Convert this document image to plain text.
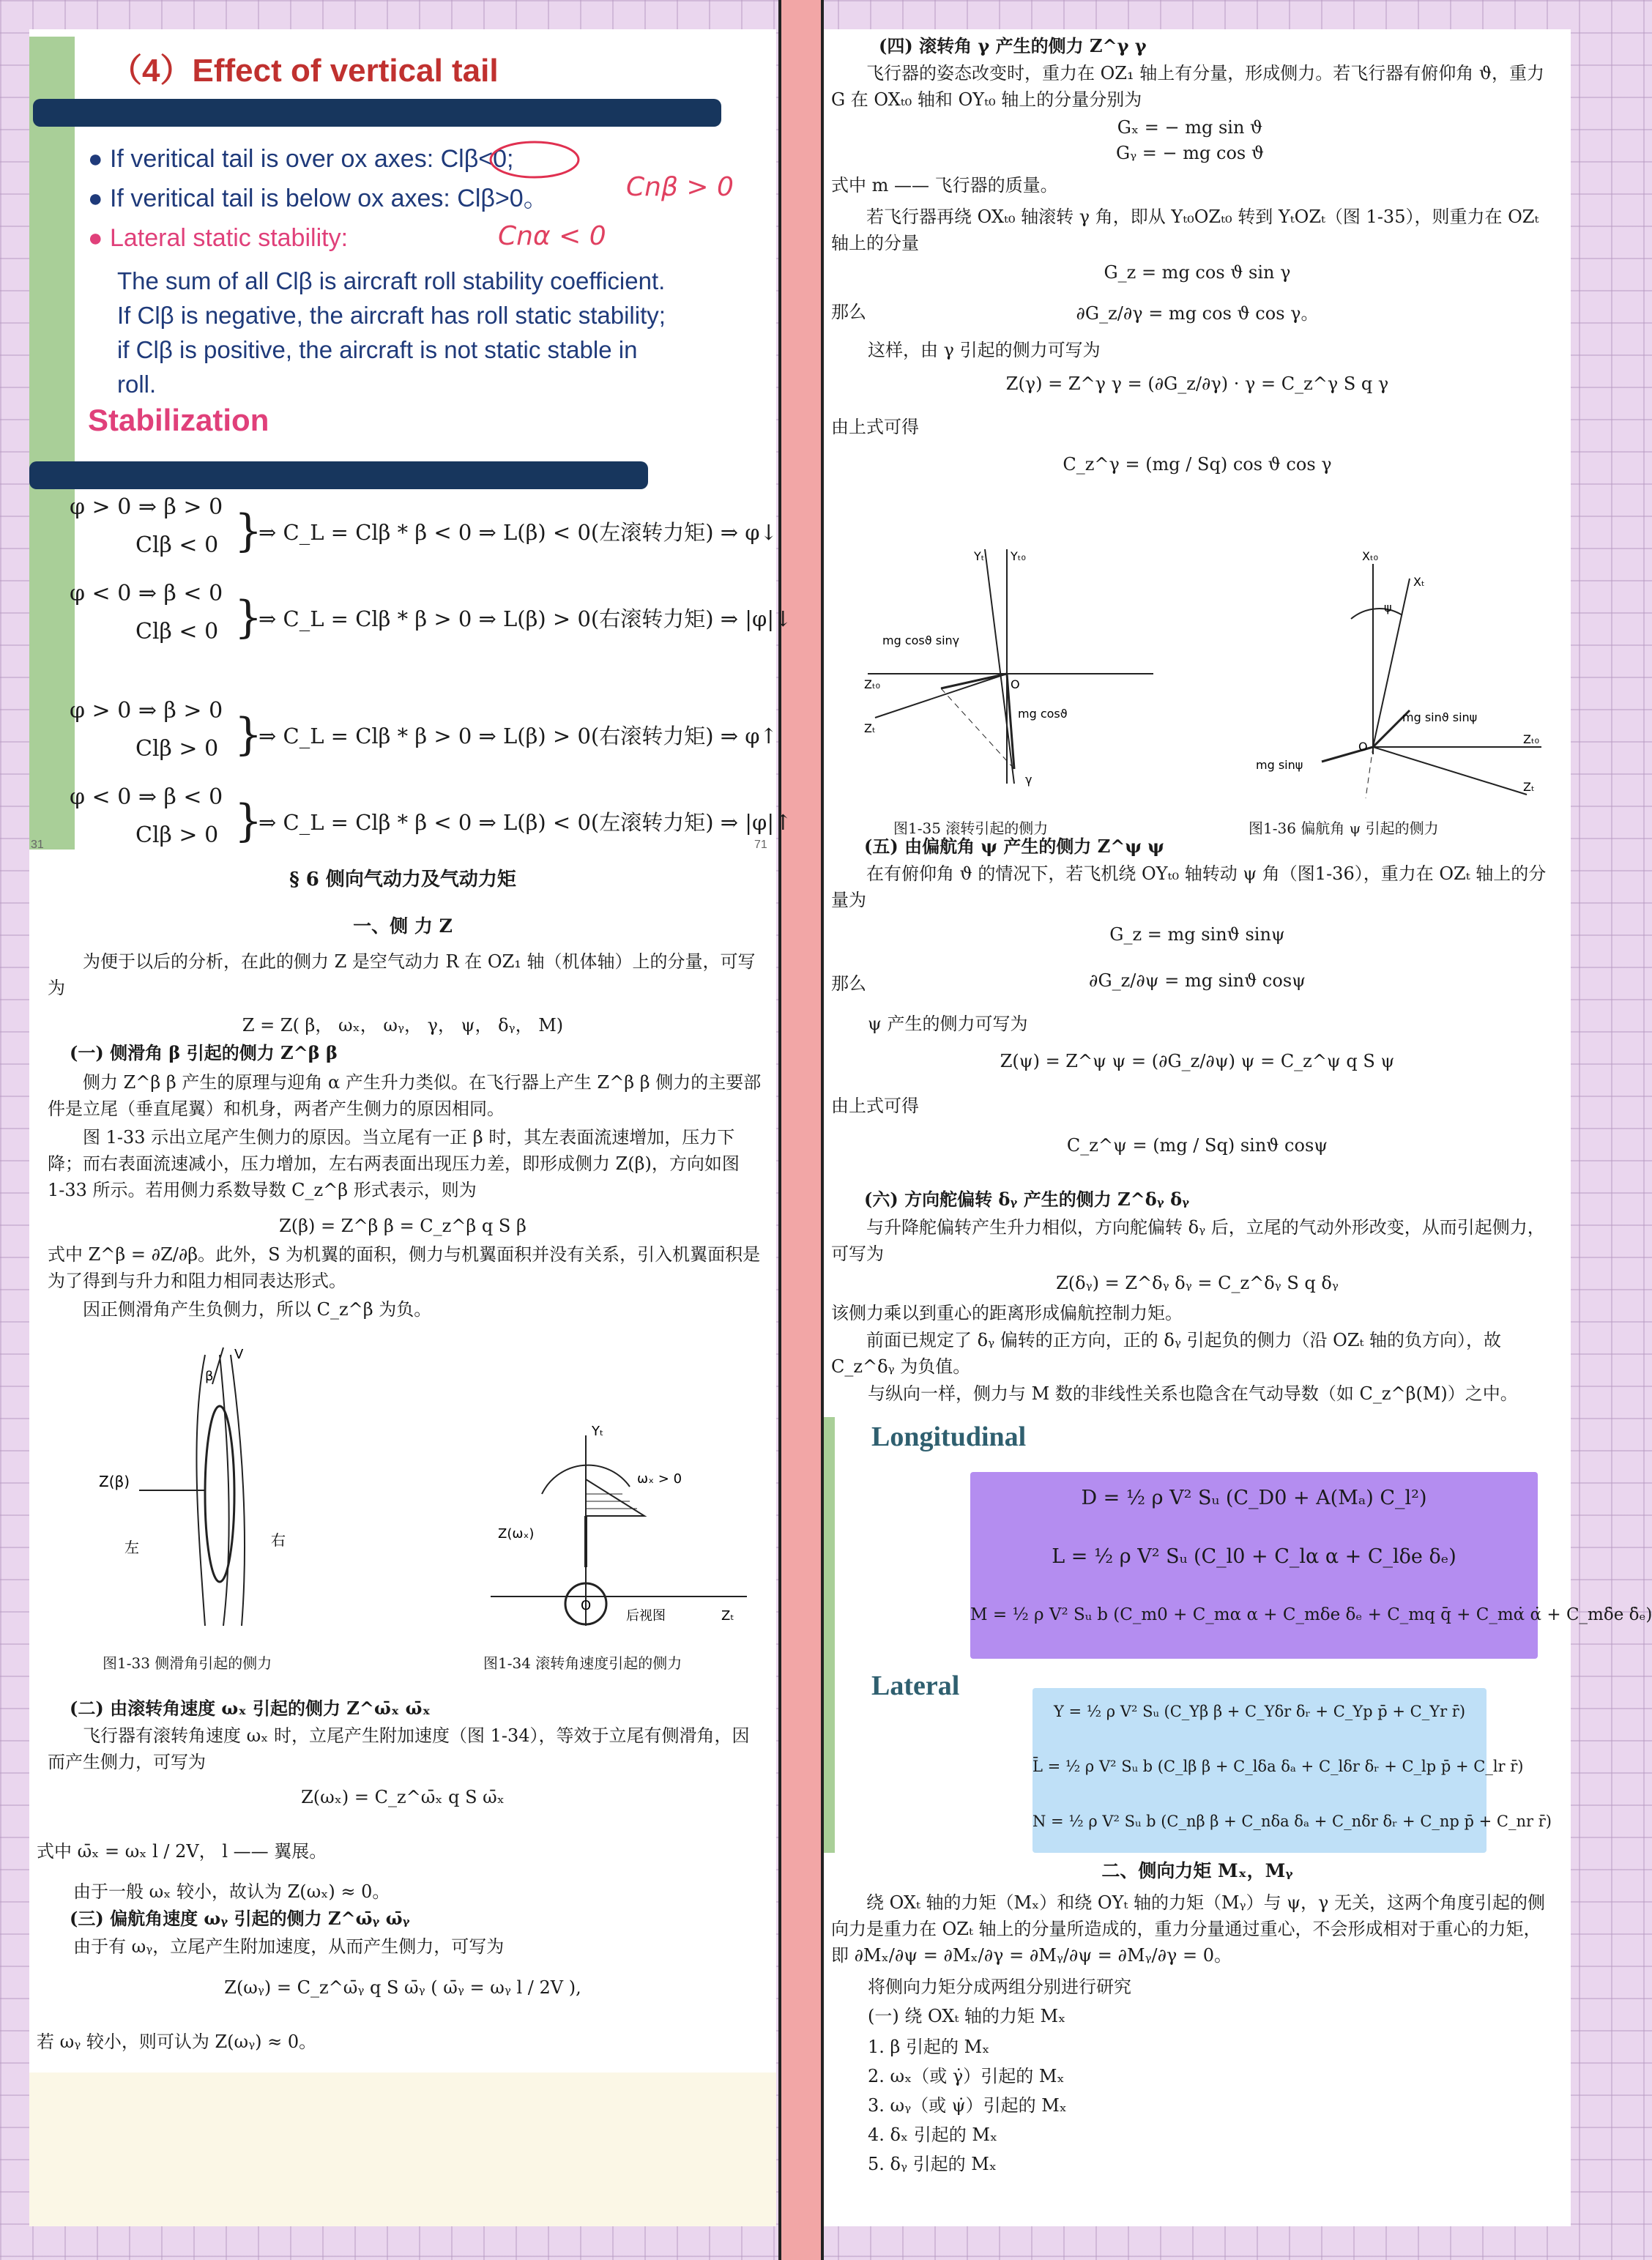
（4）Effect of vertical tail
● If veritical tail is over ox axes: Clβ<0;
● If veritical tail is below ox axes: Clβ>0。
● Lateral static stability:
Cnβ > 0
Cnα < 0
The sum of all Clβ is aircraft roll stability coefficient.
If Clβ is negative, the aircraft has roll static stability;
if Clβ is positive, the aircraft is not static stable in
roll.
Stabilization
φ > 0 ⇒ β > 0
Clβ < 0 }
⇒ C_L = Clβ * β < 0 ⇒ L(β) < 0(左滚转力矩) ⇒ φ↓
φ < 0 ⇒ β < 0
Clβ < 0 }
⇒ C_L = Clβ * β > 0 ⇒ L(β) > 0(右滚转力矩) ⇒ |φ|↓
φ > 0 ⇒ β > 0
Clβ > 0 }
⇒ C_L = Clβ * β > 0 ⇒ L(β) > 0(右滚转力矩) ⇒ φ↑
φ < 0 ⇒ β < 0
Clβ > 0 }
⇒ C_L = Clβ * β < 0 ⇒ L(β) < 0(左滚转力矩) ⇒ |φ|↑
31	71
§ 6 侧向气动力及气动力矩
一、侧 力 Z
为便于以后的分析，在此的侧力 Z 是空气动力 R 在 OZ₁ 轴（机体轴）上的分量，可写为
Z = Z( β， ωₓ， ωᵧ， γ， ψ， δᵧ， M)
(一) 侧滑角 β 引起的侧力 Z^β β
侧力 Z^β β 产生的原理与迎角 α 产生升力类似。在飞行器上产生 Z^β β 侧力的主要部件是立尾（垂直尾翼）和机身，两者产生侧力的原因相同。
图 1-33 示出立尾产生侧力的原因。当立尾有一正 β 时，其左表面流速增加，压力下降；而右表面流速减小，压力增加，左右两表面出现压力差，即形成侧力 Z(β)，方向如图 1-33 所示。若用侧力系数导数 C_z^β 形式表示，则为
Z(β) = Z^β β = C_z^β q S β
式中 Z^β = ∂Z/∂β。此外，S 为机翼的面积，侧力与机翼面积并没有关系，引入机翼面积是为了得到与升力和阻力相同表达形式。
因正侧滑角产生负侧力，所以 C_z^β 为负。
Z(β)
左	右
β
V
图1-33 侧滑角引起的侧力
Yₜ
ωₓ > 0
Z(ωₓ)
O
后视图	Zₜ
图1-34 滚转角速度引起的侧力
(二) 由滚转角速度 ωₓ 引起的侧力 Z^ω̄ₓ ω̄ₓ
飞行器有滚转角速度 ωₓ 时，立尾产生附加速度（图 1-34），等效于立尾有侧滑角，因而产生侧力，可写为
Z(ωₓ) = C_z^ω̄ₓ q S ω̄ₓ
式中 ω̄ₓ = ωₓ l / 2V， l —— 翼展。
由于一般 ωₓ 较小，故认为 Z(ωₓ) ≈ 0。
(三) 偏航角速度 ωᵧ 引起的侧力 Z^ω̄ᵧ ω̄ᵧ
由于有 ωᵧ，立尾产生附加速度，从而产生侧力，可写为
Z(ωᵧ) = C_z^ω̄ᵧ q S ω̄ᵧ ( ω̄ᵧ = ωᵧ l / 2V ),
若 ωᵧ 较小，则可认为 Z(ωᵧ) ≈ 0。
(四) 滚转角 γ 产生的侧力 Z^γ γ
飞行器的姿态改变时，重力在 OZ₁ 轴上有分量，形成侧力。若飞行器有俯仰角 ϑ，重力 G 在 OXₜ₀ 轴和 OYₜ₀ 轴上的分量分别为
Gₓ = − mg sin ϑ
Gᵧ = − mg cos ϑ
式中 m —— 飞行器的质量。
若飞行器再绕 OXₜ₀ 轴滚转 γ 角，即从 Yₜ₀OZₜ₀ 转到 YₜOZₜ（图 1-35），则重力在 OZₜ 轴上的分量
G_z = mg cos ϑ sin γ
那么	∂G_z/∂γ = mg cos ϑ cos γ。
这样，由 γ 引起的侧力可写为
Z(γ) = Z^γ γ = (∂G_z/∂γ) · γ = C_z^γ S q γ
由上式可得
C_z^γ = (mg / Sq) cos ϑ cos γ
Yₜ Yₜ₀
mg cosϑ sinγ
Zₜ₀	O
mg cosϑ
Zₜ
γ
图1-35 滚转引起的侧力
Xₜ₀
Xₜ
ψ
mg sinϑ sinψ
O
Zₜ₀
mg sinψ
Zₜ
图1-36 偏航角 ψ 引起的侧力
(五) 由偏航角 ψ 产生的侧力 Z^ψ ψ
在有俯仰角 ϑ 的情况下，若飞机绕 OYₜ₀ 轴转动 ψ 角（图1-36），重力在 OZₜ 轴上的分量为
G_z = mg sinϑ sinψ
那么	∂G_z/∂ψ = mg sinϑ cosψ
ψ 产生的侧力可写为
Z(ψ) = Z^ψ ψ = (∂G_z/∂ψ) ψ = C_z^ψ q S ψ
由上式可得
C_z^ψ = (mg / Sq) sinϑ cosψ
(六) 方向舵偏转 δᵧ 产生的侧力 Z^δᵧ δᵧ
与升降舵偏转产生升力相似，方向舵偏转 δᵧ 后，立尾的气动外形改变，从而引起侧力，可写为
Z(δᵧ) = Z^δᵧ δᵧ = C_z^δᵧ S q δᵧ
该侧力乘以到重心的距离形成偏航控制力矩。
前面已规定了 δᵧ 偏转的正方向，正的 δᵧ 引起负的侧力（沿 OZₜ 轴的负方向），故 C_z^δᵧ 为负值。
与纵向一样，侧力与 M 数的非线性关系也隐含在气动导数（如 C_z^β(M)）之中。
Longitudinal
D = ½ ρ V² Sᵤ (C_D0 + A(Mₐ) C_l²)
L = ½ ρ V² Sᵤ (C_l0 + C_lα α + C_lδe δₑ)
M = ½ ρ V² Sᵤ b (C_m0 + C_mα α + C_mδe δₑ + C_mq q̄ + C_mα̇ α̇ + C_mδ̇e δ̇ₑ)
Lateral
Y = ½ ρ V² Sᵤ (C_Yβ β + C_Yδr δᵣ + C_Yp p̄ + C_Yr r̄)
L̄ = ½ ρ V² Sᵤ b (C_lβ β + C_lδa δₐ + C_lδr δᵣ + C_lp p̄ + C_lr r̄)
N = ½ ρ V² Sᵤ b (C_nβ β + C_nδa δₐ + C_nδr δᵣ + C_np p̄ + C_nr r̄)
二、侧向力矩 Mₓ，Mᵧ
绕 OXₜ 轴的力矩（Mₓ）和绕 OYₜ 轴的力矩（Mᵧ）与 ψ，γ 无关，这两个角度引起的侧向力是重力在 OZₜ 轴上的分量所造成的，重力分量通过重心，不会形成相对于重心的力矩，即 ∂Mₓ/∂ψ = ∂Mₓ/∂γ = ∂Mᵧ/∂ψ = ∂Mᵧ/∂γ = 0。
将侧向力矩分成两组分别进行研究
(一) 绕 OXₜ 轴的力矩 Mₓ
1. β 引起的 Mₓ
2. ωₓ（或 γ̇）引起的 Mₓ
3. ωᵧ（或 ψ̇）引起的 Mₓ
4. δₓ 引起的 Mₓ
5. δᵧ 引起的 Mₓ
